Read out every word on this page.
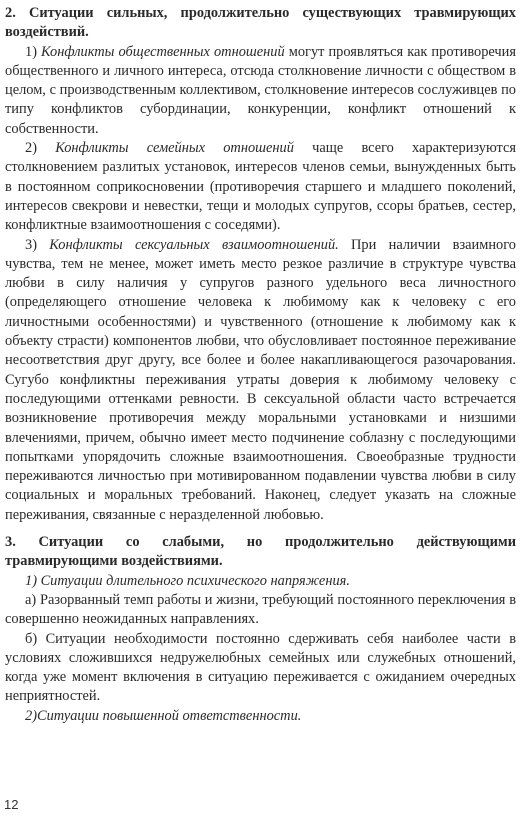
2. Ситуации сильных, продолжительно существующих травмирующих воздействий.

1) Конфликты общественных отношений могут проявляться как противоречия общественного и личного интереса, отсюда столкновение личности с обществом в целом, с производственным коллективом, столкновение интересов сослуживцев по типу конфликтов субординации, конкуренции, конфликт отношений к собственности.

2) Конфликты семейных отношений чаще всего характеризуются столкновением разлитых установок, интересов членов семьи, вынужденных быть в постоянном соприкосновении (противоречия старшего и младшего поколений, интересов свекрови и невестки, тещи и молодых супругов, ссоры братьев, сестер, конфликтные взаимоотношения с соседями).

3) Конфликты сексуальных взаимоотношений. При наличии взаимного чувства, тем не менее, может иметь место резкое различие в структуре чувства любви в силу наличия у супругов разного удельного веса личностного (определяющего отношение человека к любимому как к человеку с его личностными особенностями) и чувственного (отношение к любимому как к объекту страсти) компонентов любви, что обусловливает постоянное переживание несоответствия друг другу, все более и более накапливающегося разочарования. Сугубо конфликтны переживания утраты доверия к любимому человеку с последующими оттенками ревности. В сексуальной области часто встречается возникновение противоречия между моральными установками и низшими влечениями, причем, обычно имеет место подчинение соблазну с последующими попытками упорядочить сложные взаимоотношения. Своеобразные трудности переживаются личностью при мотивированном подавлении чувства любви в силу социальных и моральных требований. Наконец, следует указать на сложные переживания, связанные с неразделенной любовью.

3. Ситуации со слабыми, но продолжительно действующими травмирующими воздействиями.

1) Ситуации длительного психического напряжения.

а) Разорванный темп работы и жизни, требующий постоянного переключения в совершенно неожиданных направлениях.

б) Ситуации необходимости постоянно сдерживать себя наиболее части в условиях сложившихся недружелюбных семейных или служебных отношений, когда уже момент включения в ситуацию переживается с ожиданием очередных неприятностей.

2)Ситуации повышенной ответственности.

12
